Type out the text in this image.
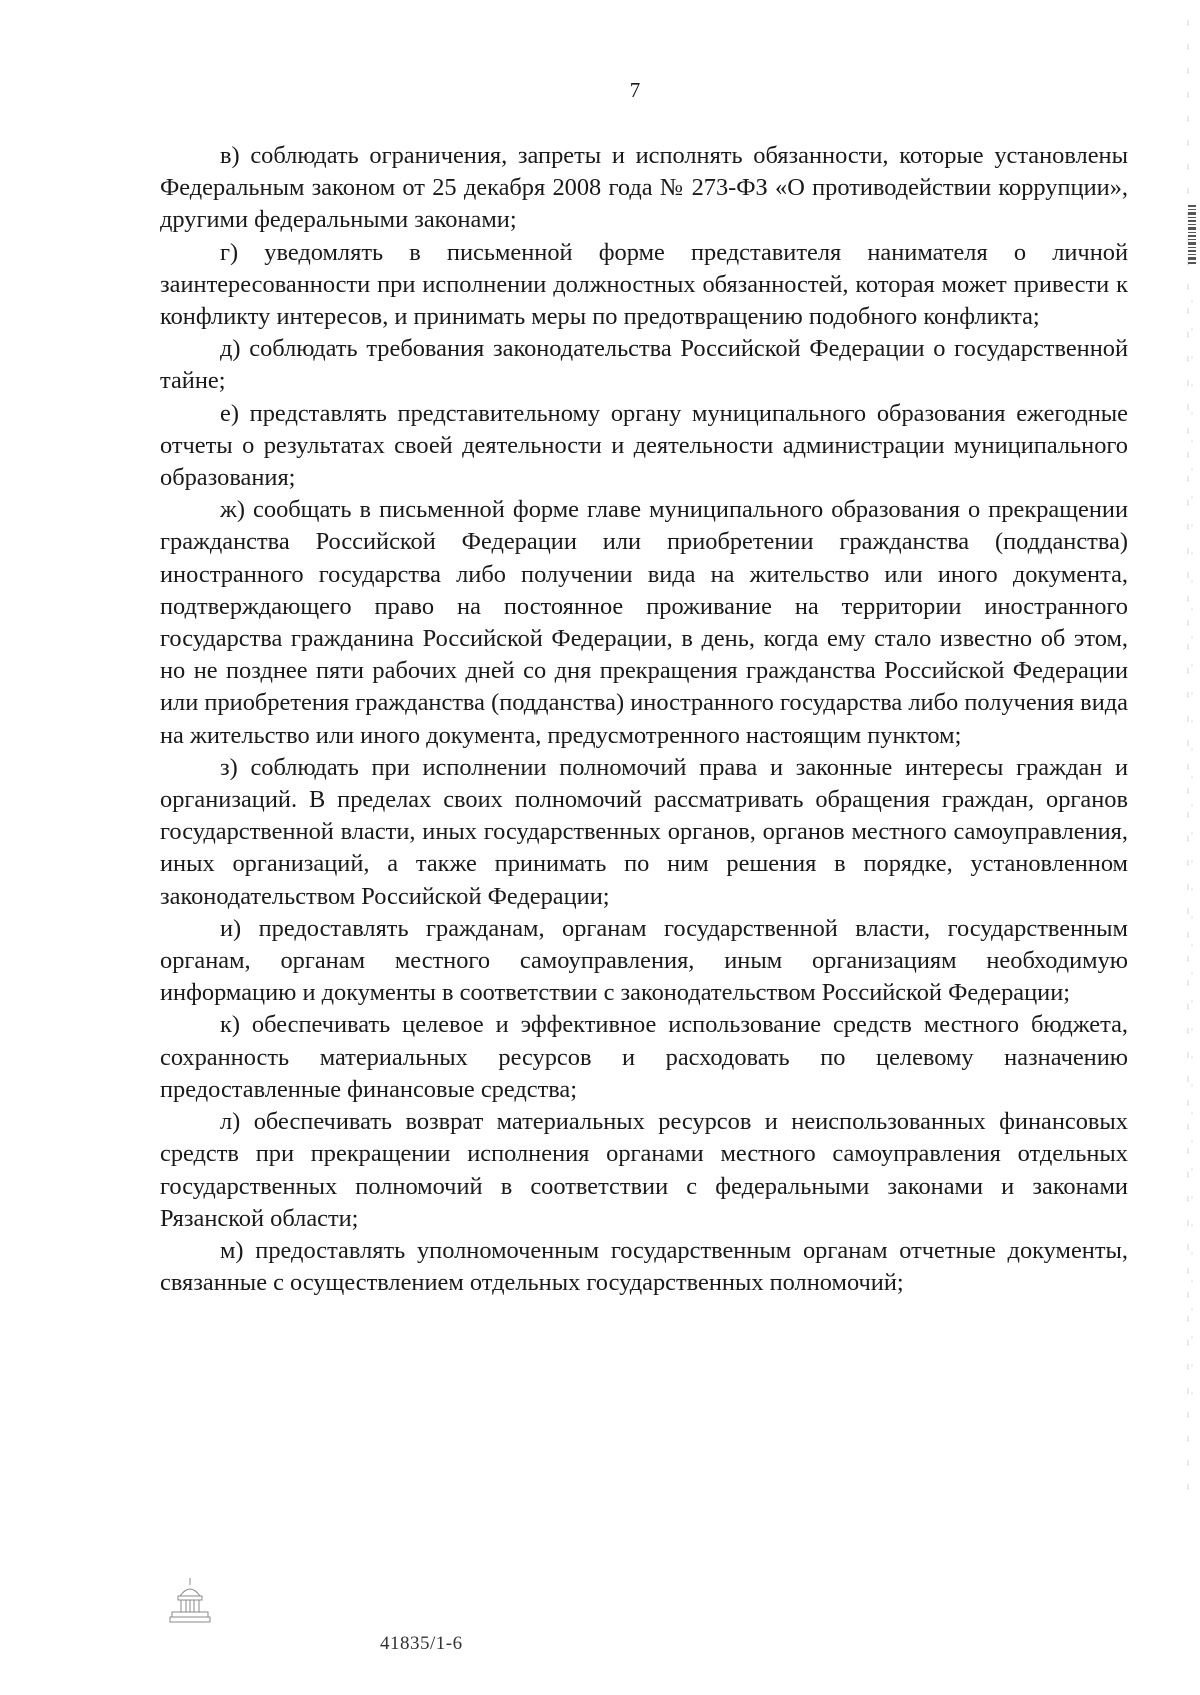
7

в) соблюдать ограничения, запреты и исполнять обязанности, которые установлены Федеральным законом от 25 декабря 2008 года № 273-ФЗ «О противодействии коррупции», другими федеральными законами;

г) уведомлять в письменной форме представителя нанимателя о личной заинтересованности при исполнении должностных обязанностей, которая может привести к конфликту интересов, и принимать меры по предотвращению подобного конфликта;

д) соблюдать требования законодательства Российской Федерации о государственной тайне;

е) представлять представительному органу муниципального образования ежегодные отчеты о результатах своей деятельности и деятельности администрации муниципального образования;

ж) сообщать в письменной форме главе муниципального образования о прекращении гражданства Российской Федерации или приобретении гражданства (подданства) иностранного государства либо получении вида на жительство или иного документа, подтверждающего право на постоянное проживание на территории иностранного государства гражданина Российской Федерации, в день, когда ему стало известно об этом, но не позднее пяти рабочих дней со дня прекращения гражданства Российской Федерации или приобретения гражданства (подданства) иностранного государства либо получения вида на жительство или иного документа, предусмотренного настоящим пунктом;

з) соблюдать при исполнении полномочий права и законные интересы граждан и организаций. В пределах своих полномочий рассматривать обращения граждан, органов государственной власти, иных государственных органов, органов местного самоуправления, иных организаций, а также принимать по ним решения в порядке, установленном законодательством Российской Федерации;

и) предоставлять гражданам, органам государственной власти, государственным органам, органам местного самоуправления, иным организациям необходимую информацию и документы в соответствии с законодательством Российской Федерации;

к) обеспечивать целевое и эффективное использование средств местного бюджета, сохранность материальных ресурсов и расходовать по целевому назначению предоставленные финансовые средства;

л) обеспечивать возврат материальных ресурсов и неиспользованных финансовых средств при прекращении исполнения органами местного самоуправления отдельных государственных полномочий в соответствии с федеральными законами и законами Рязанской области;

м) предоставлять уполномоченным государственным органам отчетные документы, связанные с осуществлением отдельных государственных полномочий;

41835/1-6
